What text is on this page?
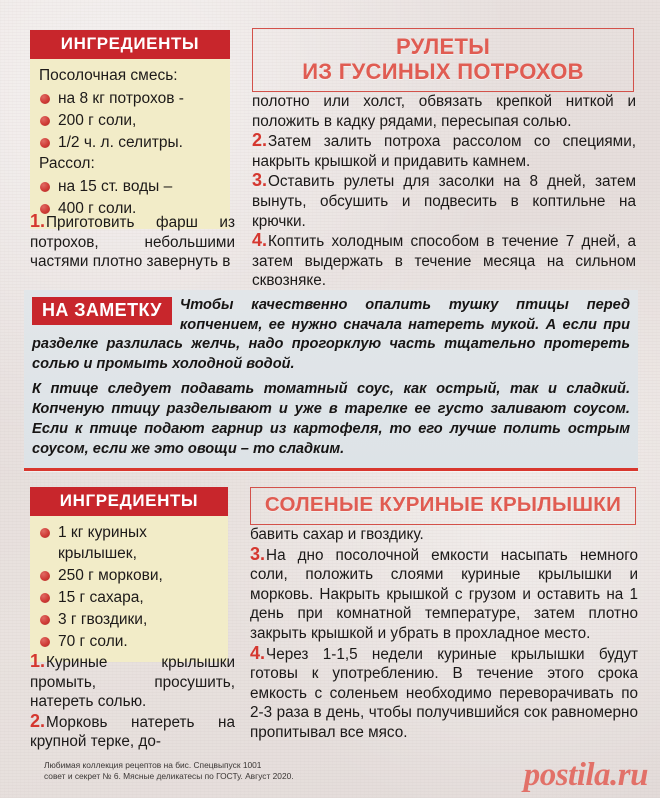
ИНГРЕДИЕНТЫ
Посолочная смесь:
на 8 кг потрохов -
200 г соли,
1/2 ч. л. селитры.
Рассол:
на 15 ст. воды –
400 г соли.
РУЛЕТЫ
ИЗ ГУСИНЫХ ПОТРОХОВ

полотно или холст, обвязать крепкой ниткой и положить в кадку рядами, пересыпая солью.

2.Затем залить потроха рассолом со специями, накрыть крышкой и придавить камнем.

3.Оставить рулеты для засолки на 8 дней, затем вынуть, обсушить и подвесить в коптильне на крючки.

4.Коптить холодным способом в течение 7 дней, а затем выдержать в течение месяца на сильном сквозняке.

1.Приготовить фарш из потрохов, небольшими частями плотно завернуть в

НА ЗАМЕТКУ	Чтобы качественно опалить тушку птицы перед копчением, ее нужно сначала натереть мукой. А если при разделке разлилась желчь, надо прогорклую часть тщательно протереть солью и промыть холодной водой.
К птице следует подавать томатный соус, как острый, так и сладкий. Копченую птицу разделывают и уже в тарелке ее густо заливают соусом. Если к птице подают гарнир из картофеля, то его лучше полить острым соусом, если же это овощи – то сладким.
ИНГРЕДИЕНТЫ
1 кг куриных крылышек,
250 г моркови,
15 г сахара,
3 г гвоздики,
70 г соли.
СОЛЕНЫЕ КУРИНЫЕ КРЫЛЫШКИ

бавить сахар и гвоздику.

3.На дно посолочной емкости насыпать немного соли, положить слоями куриные крылышки и морковь. Накрыть крышкой с грузом и оставить на 1 день при комнатной температуре, затем плотно закрыть крышкой и убрать в прохладное место.

4.Через 1-1,5 недели куриные крылышки будут готовы к употреблению. В течение этого срока емкость с соленьем необходимо переворачивать по 2-3 раза в день, чтобы получившийся сок равномерно пропитывал все мясо.

1.Куриные крылышки промыть, просушить, натереть солью.

2.Морковь натереть на крупной терке, до-

Любимая коллекция рецептов на бис. Спецвыпуск 1001
совет и секрет № 6. Мясные деликатесы по ГОСТу. Август 2020.	postila.ru
